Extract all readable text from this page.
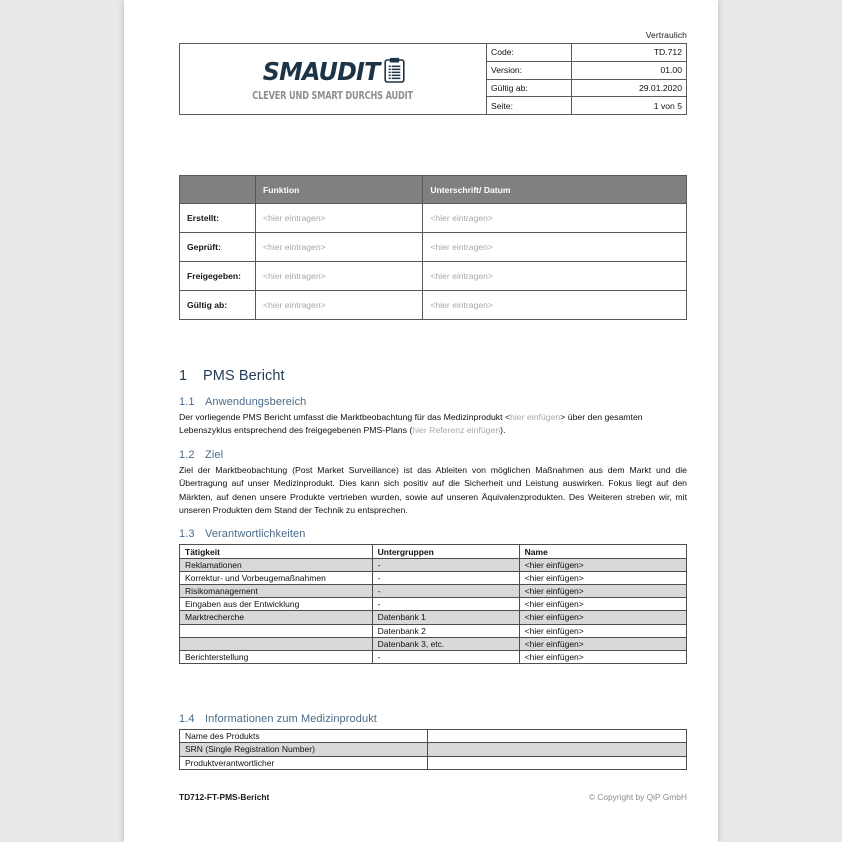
Vertraulich
SMAUDIT
CLEVER UND SMART DURCHS AUDIT
Code:	TD.712
Version:	01.00
Gültig ab:	29.01.2020
Seite:	1 von 5
	Funktion	Unterschrift/ Datum
Erstellt:	<hier eintragen>	<hier eintragen>
Geprüft:	<hier eintragen>	<hier eintragen>
Freigegeben:	<hier eintragen>	<hier eintragen>
Gültig ab:	<hier eintragen>	<hier eintragen>
1 PMS Bericht
1.1 Anwendungsbereich

Der vorliegende PMS Bericht umfasst die Marktbeobachtung für das Medizinprodukt <hier einfügen> über den gesamten Lebenszyklus entsprechend des freigegebenen PMS-Plans (hier Referenz einfügen).

1.2 Ziel

Ziel der Marktbeobachtung (Post Market Surveillance) ist das Ableiten von möglichen Maßnahmen aus dem Markt und die Übertragung auf unser Medizinprodukt. Dies kann sich positiv auf die Sicherheit und Leistung auswirken. Fokus liegt auf den Märkten, auf denen unsere Produkte vertrieben wurden, sowie auf unseren Äquivalenzprodukten. Des Weiteren streben wir, mit unseren Produkten dem Stand der Technik zu entsprechen.

1.3 Verantwortlichkeiten
Tätigkeit	Untergruppen	Name
Reklamationen	-	<hier einfügen>
Korrektur- und Vorbeugemaßnahmen	-	<hier einfügen>
Risikomanagement	-	<hier einfügen>
Eingaben aus der Entwicklung	-	<hier einfügen>
Marktrecherche	Datenbank 1	<hier einfügen>
	Datenbank 2	<hier einfügen>
	Datenbank 3, etc.	<hier einfügen>
Berichterstellung	-	<hier einfügen>
1.4 Informationen zum Medizinprodukt
Name des Produkts	
SRN (Single Registration Number)	
Produktverantwortlicher	
TD712-FT-PMS-Bericht	© Copyright by QiP GmbH
